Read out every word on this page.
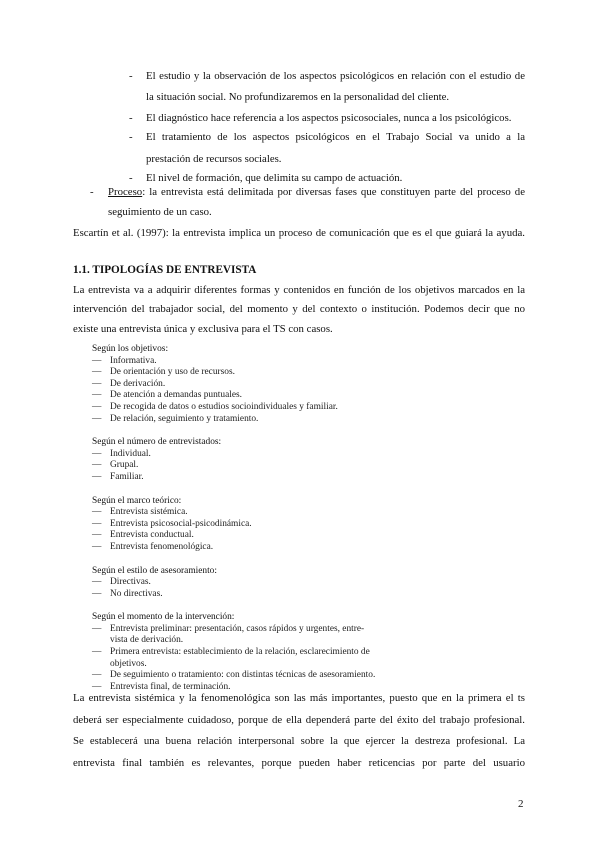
- El estudio y la observación de los aspectos psicológicos en relación con el estudio de
la situación social. No profundizaremos en la personalidad del cliente.
- El diagnóstico hace referencia a los aspectos psicosociales, nunca a los psicológicos.
- El tratamiento de los aspectos psicológicos en el Trabajo Social va unido a la
prestación de recursos sociales.
- El nivel de formación, que delimita su campo de actuación.
- Proceso: la entrevista está delimitada por diversas fases que constituyen parte del proceso de
seguimiento de un caso.
Escartín et al. (1997): la entrevista implica un proceso de comunicación que es el que guiará la ayuda.
1.1. TIPOLOGÍAS DE ENTREVISTA
La entrevista va a adquirir diferentes formas y contenidos en función de los objetivos marcados en la
intervención del trabajador social, del momento y del contexto o institución. Podemos decir que no
existe una entrevista única y exclusiva para el TS con casos.
Según los objetivos:
— Informativa.
— De orientación y uso de recursos.
— De derivación.
— De atención a demandas puntuales.
— De recogida de datos o estudios socioindividuales y familiar.
— De relación, seguimiento y tratamiento.
Según el número de entrevistados:
— Individual.
— Grupal.
— Familiar.
Según el marco teórico:
— Entrevista sistémica.
— Entrevista psicosocial-psicodinámica.
— Entrevista conductual.
— Entrevista fenomenológica.
Según el estilo de asesoramiento:
— Directivas.
— No directivas.
Según el momento de la intervención:
— Entrevista preliminar: presentación, casos rápidos y urgentes, entre-
vista de derivación.
— Primera entrevista: establecimiento de la relación, esclarecimiento de
objetivos.
— De seguimiento o tratamiento: con distintas técnicas de asesoramiento.
— Entrevista final, de terminación.
La entrevista sistémica y la fenomenológica son las más importantes, puesto que en la primera el ts
deberá ser especialmente cuidadoso, porque de ella dependerá parte del éxito del trabajo profesional.
Se establecerá una buena relación interpersonal sobre la que ejercer la destreza profesional. La
entrevista final también es relevantes, porque pueden haber reticencias por parte del usuario
2
